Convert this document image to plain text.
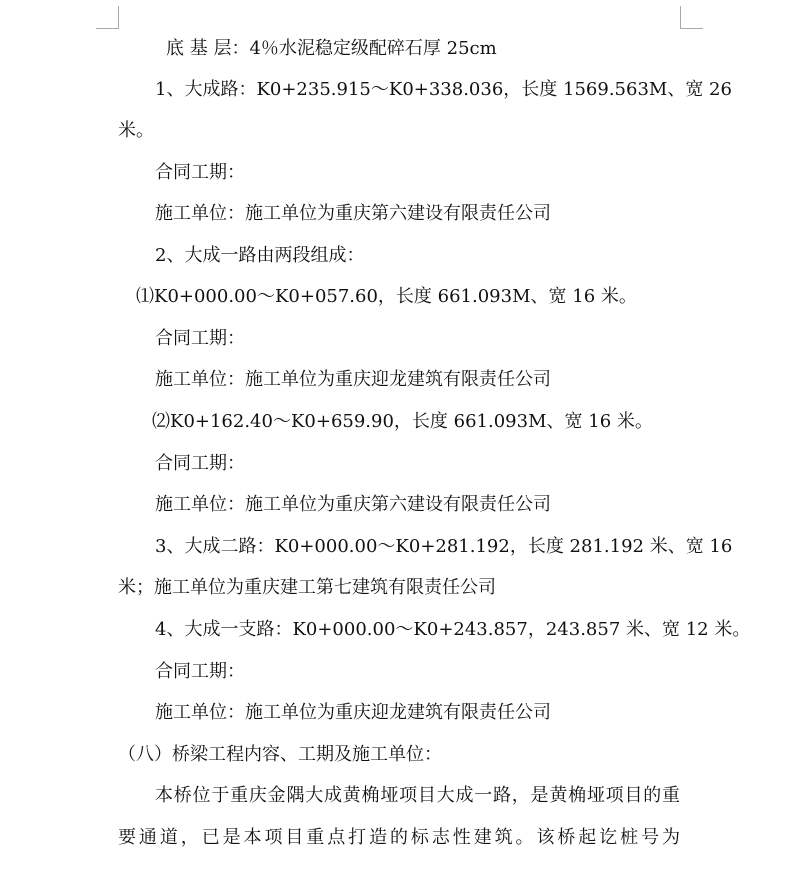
底 基 层：4％水泥稳定级配碎石厚 25cm
1、大成路：K0+235.915～K0+338.036，长度 1569.563M、宽 26
米。
合同工期：
施工单位：施工单位为重庆第六建设有限责任公司
2、大成一路由两段组成：
⑴K0+000.00～K0+057.60，长度 661.093M、宽 16 米。
合同工期：
施工单位：施工单位为重庆迎龙建筑有限责任公司
⑵K0+162.40～K0+659.90，长度 661.093M、宽 16 米。
合同工期：
施工单位：施工单位为重庆第六建设有限责任公司
3、大成二路：K0+000.00～K0+281.192，长度 281.192 米、宽 16
米；施工单位为重庆建工第七建筑有限责任公司
4、大成一支路：K0+000.00～K0+243.857，243.857 米、宽 12 米。
合同工期：
施工单位：施工单位为重庆迎龙建筑有限责任公司
（八）桥梁工程内容、工期及施工单位：
本桥位于重庆金隅大成黄桷垭项目大成一路，是黄桷垭项目的重
要通道，已是本项目重点打造的标志性建筑。该桥起讫桩号为
